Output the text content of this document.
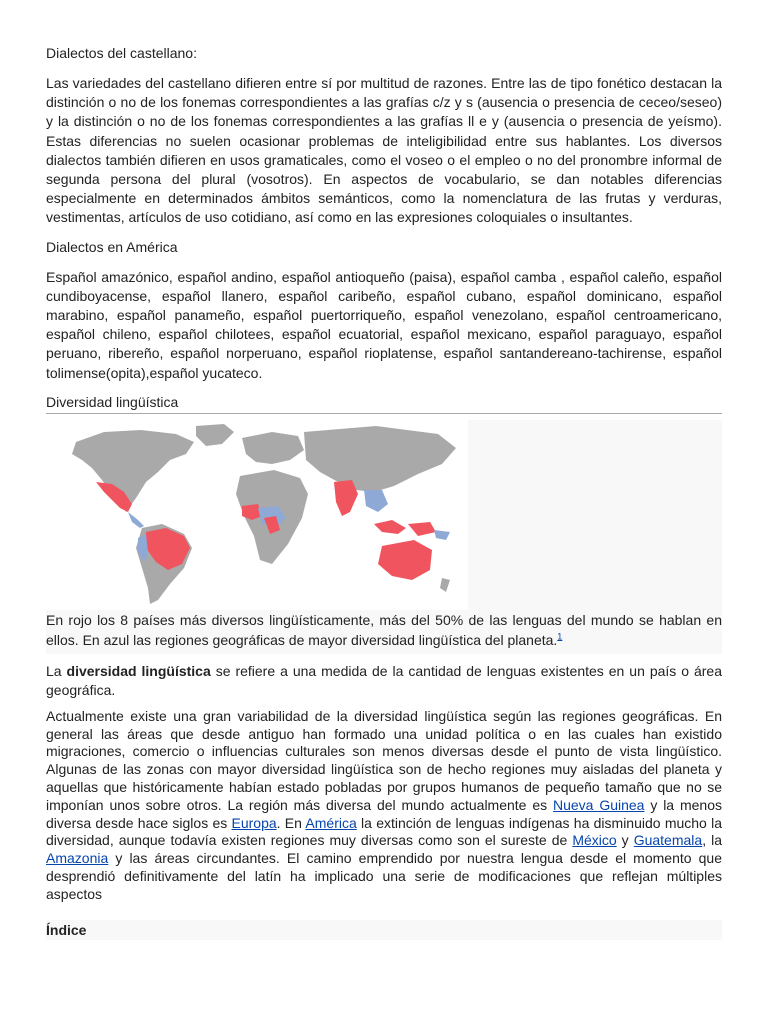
Dialectos del castellano:

Las variedades del castellano difieren entre sí por multitud de razones. Entre las de tipo fonético destacan la distinción o no de los fonemas correspondientes a las grafías c/z y s (ausencia o presencia de ceceo/seseo) y la distinción o no de los fonemas correspondientes a las grafías ll e y (ausencia o presencia de yeísmo). Estas diferencias no suelen ocasionar problemas de inteligibilidad entre sus hablantes. Los diversos dialectos también difieren en usos gramaticales, como el voseo o el empleo o no del pronombre informal de segunda persona del plural (vosotros). En aspectos de vocabulario, se dan notables diferencias especialmente en determinados ámbitos semánticos, como la nomenclatura de las frutas y verduras, vestimentas, artículos de uso cotidiano, así como en las expresiones coloquiales o insultantes.

Dialectos en América

Español amazónico, español andino, español antioqueño (paisa), español camba , español caleño, español cundiboyacense, español llanero, español caribeño, español cubano, español dominicano, español marabino, español panameño, español puertorriqueño, español venezolano, español centroamericano, español chileno, español chilotees, español ecuatorial, español mexicano, español paraguayo, español peruano, ribereño, español norperuano, español rioplatense, español santandereano-tachirense, español tolimense(opita),español yucateco.

Diversidad lingüística

En rojo los 8 países más diversos lingüísticamente, más del 50% de las lenguas del mundo se hablan en ellos. En azul las regiones geográficas de mayor diversidad lingüística del planeta.$^1$

La diversidad lingüística se refiere a una medida de la cantidad de lenguas existentes en un país o área geográfica.

Actualmente existe una gran variabilidad de la diversidad lingüística según las regiones geográficas. En general las áreas que desde antiguo han formado una unidad política o en las cuales han existido migraciones, comercio o influencias culturales son menos diversas desde el punto de vista lingüístico. Algunas de las zonas con mayor diversidad lingüística son de hecho regiones muy aisladas del planeta y aquellas que históricamente habían estado pobladas por grupos humanos de pequeño tamaño que no se imponían unos sobre otros. La región más diversa del mundo actualmente es Nueva Guinea y la menos diversa desde hace siglos es Europa. En América la extinción de lenguas indígenas ha disminuido mucho la diversidad, aunque todavía existen regiones muy diversas como son el sureste de México y Guatemala, la Amazonia y las áreas circundantes. El camino emprendido por nuestra lengua desde el momento que desprendió definitivamente del latín ha implicado una serie de modificaciones que reflejan múltiples aspectos

Índice
